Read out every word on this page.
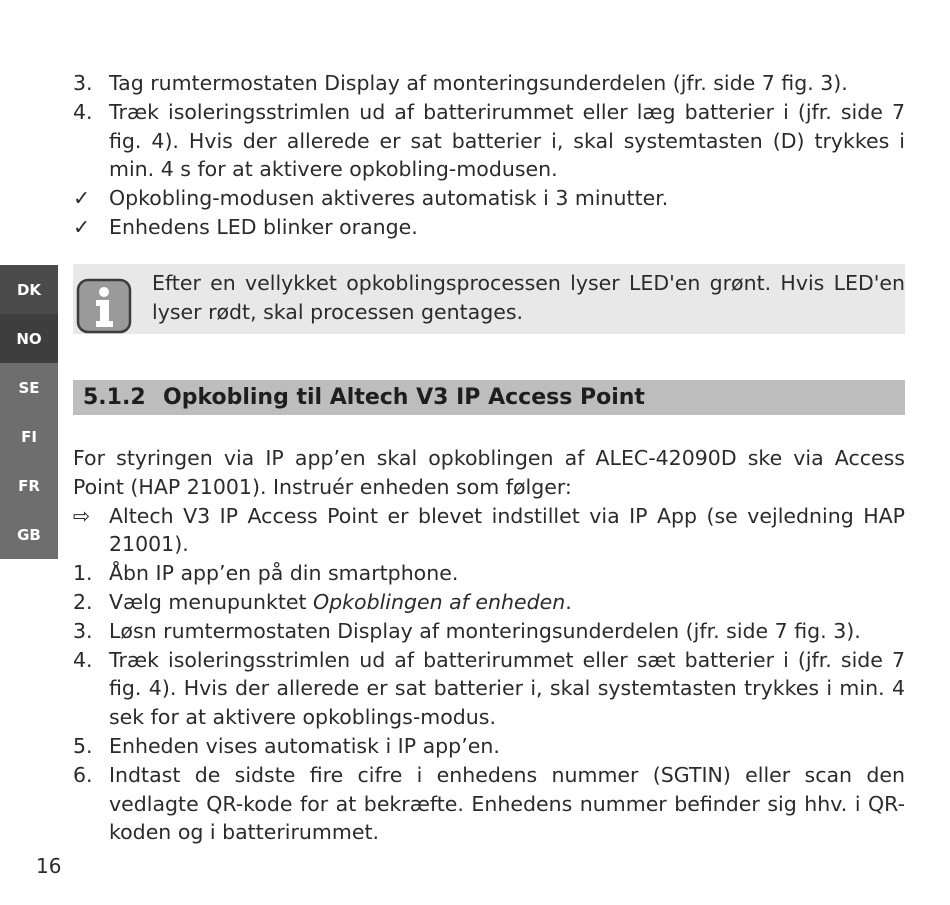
DK
NO
SE
FI
FR
GB
3. Tag rumtermostaten Display af monteringsunderdelen (jfr. side 7 fig. 3).
4. Træk isoleringsstrimlen ud af batterirummet eller læg batterier i (jfr. side 7 fig. 4). Hvis der allerede er sat batterier i, skal systemtasten (D) trykkes i min. 4 s for at aktivere opkobling-modusen.
✓ Opkobling-modusen aktiveres automatisk i 3 minutter.
✓ Enhedens LED blinker orange.
Efter en vellykket opkoblingsprocessen lyser LED'en grønt. Hvis LED'en lyser rødt, skal processen gentages.
5.1.2 Opkobling til Altech V3 IP Access Point
For styringen via IP app’en skal opkoblingen af ALEC-42090D ske via Access Point (HAP 21001). Instruér enheden som følger:
⇨ Altech V3 IP Access Point er blevet indstillet via IP App (se vejledning HAP 21001).
1. Åbn IP app’en på din smartphone.
2. Vælg menupunktet Opkoblingen af enheden.
3. Løsn rumtermostaten Display af monteringsunderdelen (jfr. side 7 fig. 3).
4. Træk isoleringsstrimlen ud af batterirummet eller sæt batterier i (jfr. side 7 fig. 4). Hvis der allerede er sat batterier i, skal systemtasten trykkes i min. 4 sek for at aktivere opkoblings-modus.
5. Enheden vises automatisk i IP app’en.
6. Indtast de sidste fire cifre i enhedens nummer (SGTIN) eller scan den vedlagte QR-kode for at bekræfte. Enhedens nummer befinder sig hhv. i QR-koden og i batterirummet.
16
